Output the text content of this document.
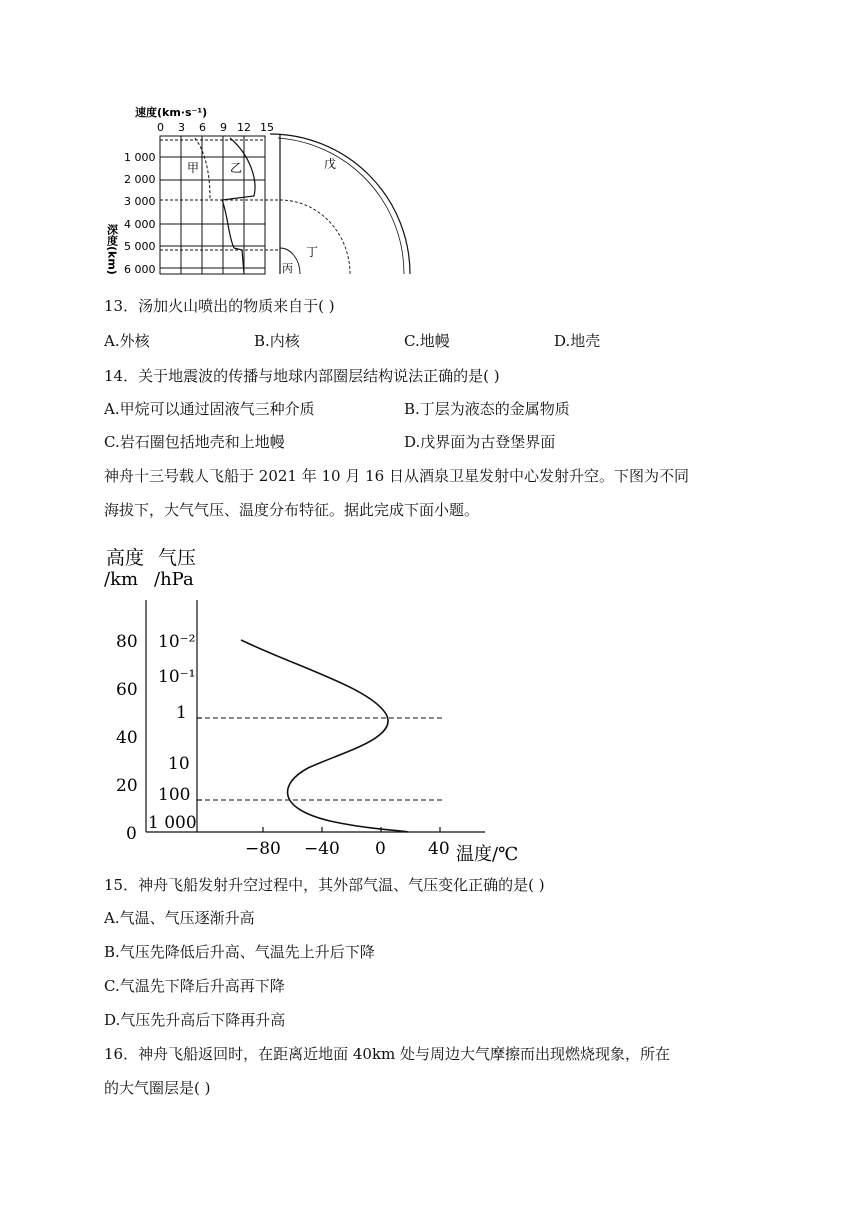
速度(km·s⁻¹)
0 3 6 9 12 15
1 000
2 000
3 000
4 000
5 000
6 000
深度(km)
甲	乙	戊
丁
丙
13．汤加火山喷出的物质来自于( )
A.外核	B.内核	C.地幔	D.地壳
14．关于地震波的传播与地球内部圈层结构说法正确的是( )
A.甲烷可以通过固液气三种介质	B.丁层为液态的金属物质
C.岩石圈包括地壳和上地幔	D.戊界面为古登堡界面
神舟十三号载人飞船于 2021 年 10 月 16 日从酒泉卫星发射中心发射升空。下图为不同
海拔下，大气气压、温度分布特征。据此完成下面小题。
高度
/km
气压
/hPa
80
60
40
20
0
10⁻²
10⁻¹
1
10
100
1 000
−80 −40 0 40 温度/℃
15．神舟飞船发射升空过程中，其外部气温、气压变化正确的是( )
A.气温、气压逐渐升高
B.气压先降低后升高、气温先上升后下降
C.气温先下降后升高再下降
D.气压先升高后下降再升高
16．神舟飞船返回时，在距离近地面 40km 处与周边大气摩擦而出现燃烧现象，所在
的大气圈层是( )
